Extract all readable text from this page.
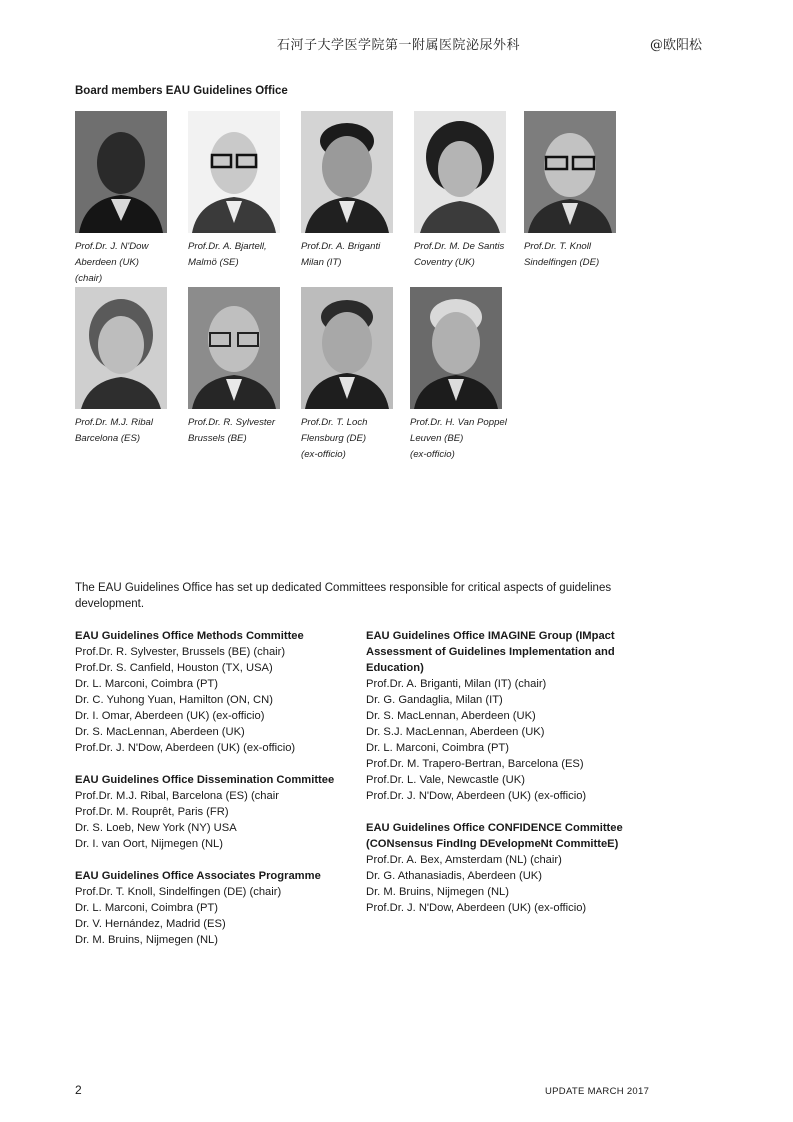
石河子大学医学院第一附属医院泌尿外科	@欧阳松
Board members EAU Guidelines Office
Prof.Dr. J. N'Dow
Aberdeen (UK)
(chair)
Prof.Dr. A. Bjartell,
Malmö (SE)
Prof.Dr. A. Briganti
Milan (IT)
Prof.Dr. M. De Santis
Coventry (UK)
Prof.Dr. T. Knoll
Sindelfingen (DE)
Prof.Dr. M.J. Ribal
Barcelona (ES)
Prof.Dr. R. Sylvester
Brussels (BE)
Prof.Dr. T. Loch
Flensburg (DE)
(ex-officio)
Prof.Dr. H. Van Poppel
Leuven (BE)
(ex-officio)
The EAU Guidelines Office has set up dedicated Committees responsible for critical aspects of guidelines development.
EAU Guidelines Office Methods Committee
Prof.Dr. R. Sylvester, Brussels (BE) (chair)
Prof.Dr. S. Canfield, Houston (TX, USA)
Dr. L. Marconi, Coimbra (PT)
Dr. C. Yuhong Yuan, Hamilton (ON, CN)
Dr. I. Omar, Aberdeen (UK) (ex-officio)
Dr. S. MacLennan, Aberdeen (UK)
Prof.Dr. J. N'Dow, Aberdeen (UK) (ex-officio)
EAU Guidelines Office Dissemination Committee
Prof.Dr. M.J. Ribal, Barcelona (ES) (chair
Prof.Dr. M. Rouprêt, Paris (FR)
Dr. S. Loeb, New York (NY) USA
Dr. I. van Oort, Nijmegen (NL)
EAU Guidelines Office Associates Programme
Prof.Dr. T. Knoll, Sindelfingen (DE) (chair)
Dr. L. Marconi, Coimbra (PT)
Dr. V. Hernández, Madrid (ES)
Dr. M. Bruins, Nijmegen (NL)
EAU Guidelines Office IMAGINE Group (IMpact Assessment of Guidelines Implementation and Education)
Prof.Dr. A. Briganti, Milan (IT) (chair)
Dr. G. Gandaglia, Milan (IT)
Dr. S. MacLennan, Aberdeen (UK)
Dr. S.J. MacLennan, Aberdeen (UK)
Dr. L. Marconi, Coimbra (PT)
Prof.Dr. M. Trapero-Bertran, Barcelona (ES)
Prof.Dr. L. Vale, Newcastle (UK)
Prof.Dr. J. N'Dow, Aberdeen (UK) (ex-officio)
EAU Guidelines Office CONFIDENCE Committee (CONsensus FindIng DEvelopmeNt CommitteE)
Prof.Dr. A. Bex, Amsterdam (NL) (chair)
Dr. G. Athanasiadis, Aberdeen (UK)
Dr. M. Bruins, Nijmegen (NL)
Prof.Dr. J. N'Dow, Aberdeen (UK) (ex-officio)
2	UPDATE MARCH 2017
